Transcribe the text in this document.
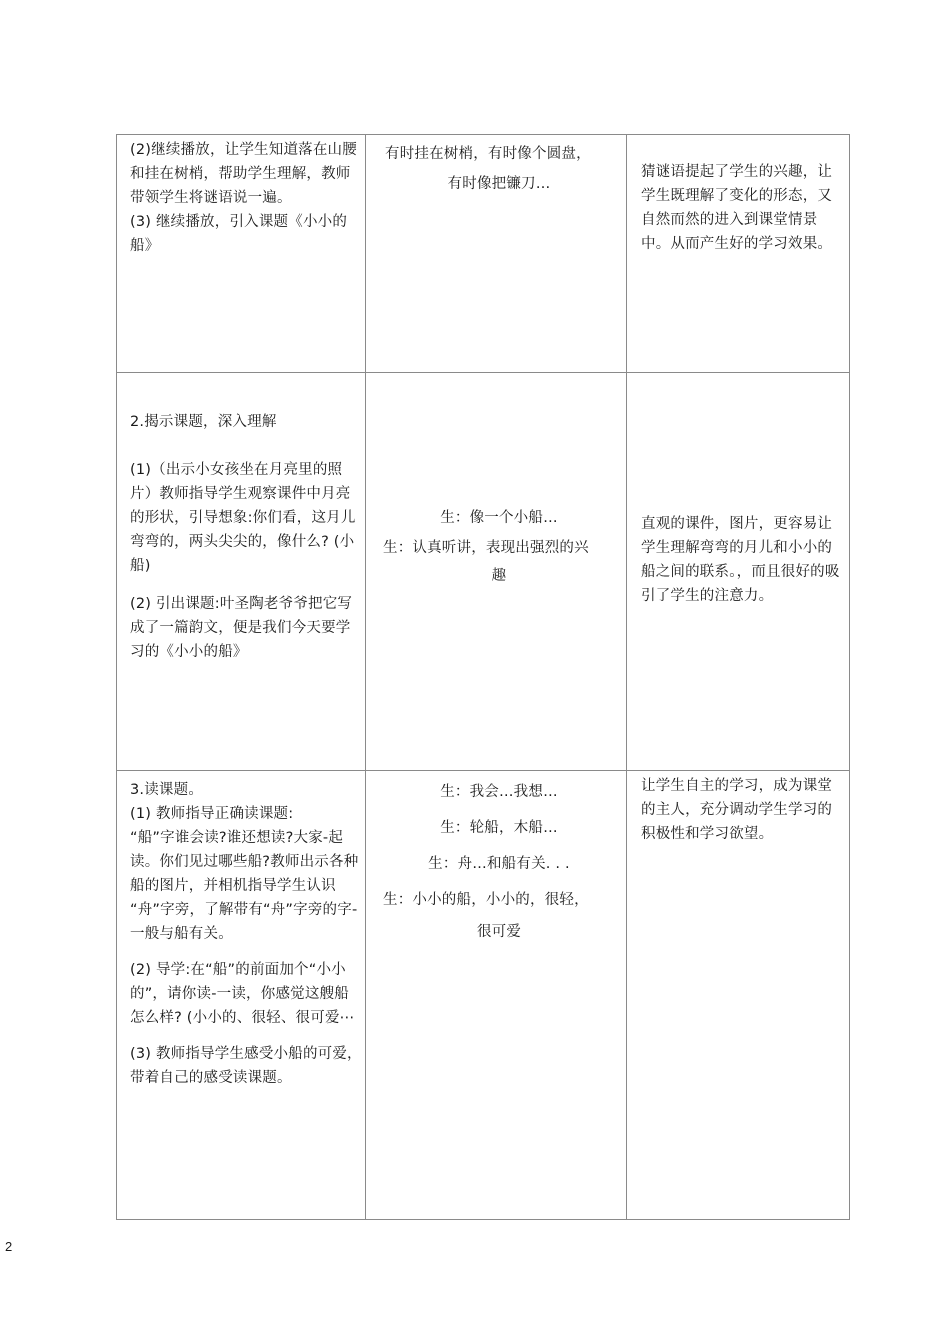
(2)继续播放，让学生知道落在山腰和挂在树梢，帮助学生理解，教师带领学生将谜语说一遍。

(3) 继续播放，引入课题《小小的船》

有时挂在树梢，有时像个圆盘，

有时像把镰刀…

猜谜语提起了学生的兴趣，让学生既理解了变化的形态，又自然而然的进入到课堂情景中。从而产生好的学习效果。

2.揭示课题，深入理解

(1)（出示小女孩坐在月亮里的照片）教师指导学生观察课件中月亮的形状，引导想象:你们看，这月儿弯弯的，两头尖尖的，像什么? (小船)

(2) 引出课题:叶圣陶老爷爷把它写成了一篇韵文，便是我们今天要学习的《小小的船》

生：像一个小船…

生：认真听讲，表现出强烈的兴

趣

直观的课件，图片，更容易让学生理解弯弯的月儿和小小的船之间的联系。，而且很好的吸引了学生的注意力。

3.读课题。

(1) 教师指导正确读课题:

“船”字谁会读?谁还想读?大家-起读。你们见过哪些船?教师出示各种船的图片，并相机指导学生认识

“舟”字旁，了解带有“舟”字旁的字-一般与船有关。

(2) 导学:在“船”的前面加个“小小的”，请你读-一读，你感觉这艘船怎么样? (小小的、很轻、很可爱⋯

(3) 教师指导学生感受小船的可爱，带着自己的感受读课题。

生：我会…我想…

生：轮船，木船…

生：舟…和船有关. . .

生：小小的船，小小的，很轻，

很可爱

让学生自主的学习，成为课堂的主人，充分调动学生学习的积极性和学习欲望。

2
